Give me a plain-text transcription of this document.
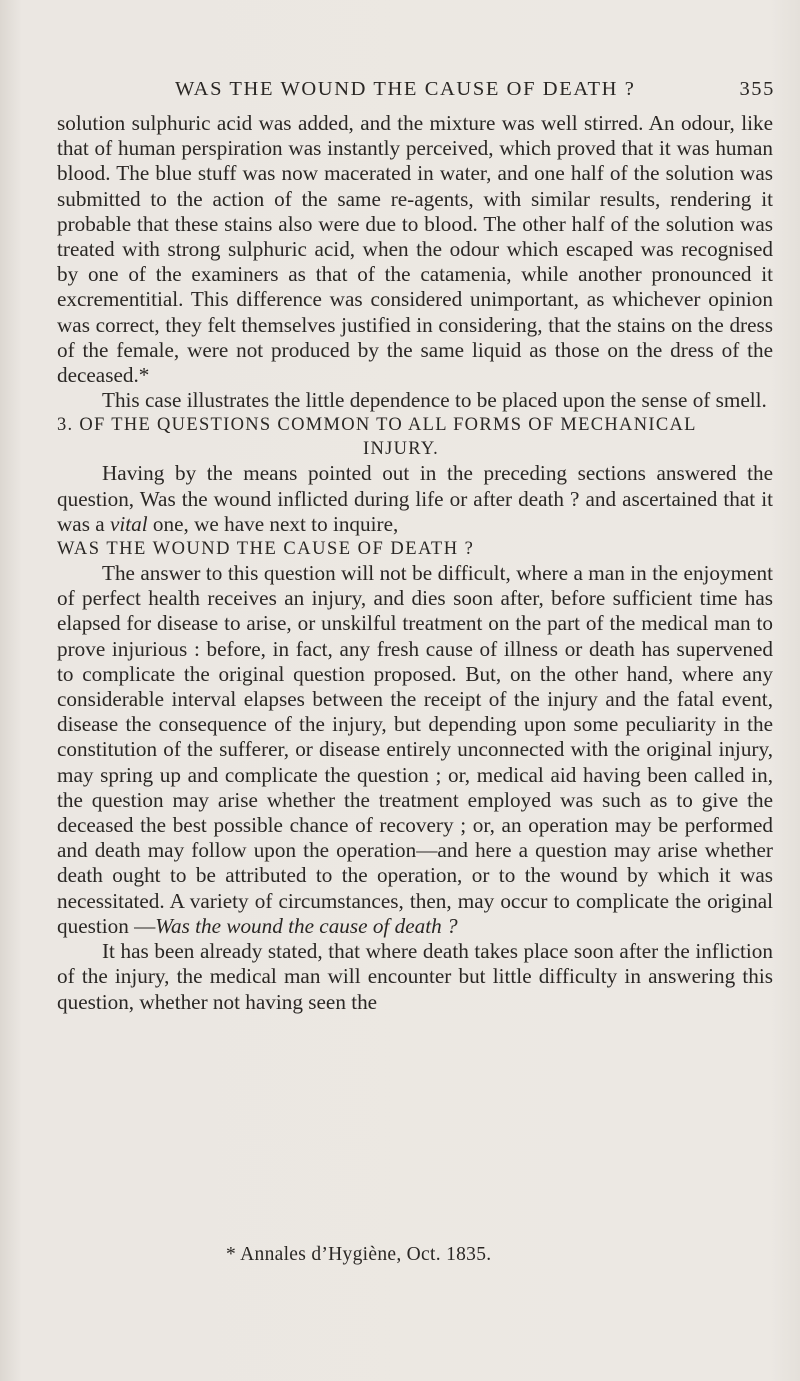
WAS THE WOUND THE CAUSE OF DEATH ?	355

solution sulphuric acid was added, and the mixture was well stirred. An odour, like that of human perspiration was instantly perceived, which proved that it was human blood. The blue stuff was now macerated in water, and one half of the solution was submitted to the action of the same re-agents, with similar results, rendering it probable that these stains also were due to blood. The other half of the solution was treated with strong sulphuric acid, when the odour which escaped was recognised by one of the examiners as that of the catamenia, while another pronounced it excrementitial. This difference was considered unimportant, as whichever opinion was correct, they felt themselves justified in considering, that the stains on the dress of the female, were not produced by the same liquid as those on the dress of the deceased.*

This case illustrates the little dependence to be placed upon the sense of smell.

3. OF THE QUESTIONS COMMON TO ALL FORMS OF MECHANICAL
INJURY.

Having by the means pointed out in the preceding sections answered the question, Was the wound inflicted during life or after death ? and ascertained that it was a vital one, we have next to inquire,

WAS THE WOUND THE CAUSE OF DEATH ?

The answer to this question will not be difficult, where a man in the enjoyment of perfect health receives an injury, and dies soon after, before sufficient time has elapsed for disease to arise, or unskilful treatment on the part of the medical man to prove injurious : before, in fact, any fresh cause of illness or death has supervened to complicate the original question proposed. But, on the other hand, where any considerable interval elapses between the receipt of the injury and the fatal event, disease the consequence of the injury, but depending upon some peculiarity in the constitution of the sufferer, or disease entirely unconnected with the original injury, may spring up and complicate the question ; or, medical aid having been called in, the question may arise whether the treatment employed was such as to give the deceased the best possible chance of recovery ; or, an operation may be performed and death may follow upon the operation—and here a question may arise whether death ought to be attributed to the operation, or to the wound by which it was necessitated. A variety of circumstances, then, may occur to complicate the original question —Was the wound the cause of death ?

It has been already stated, that where death takes place soon after the infliction of the injury, the medical man will encounter but little difficulty in answering this question, whether not having seen the

* Annales d’Hygiène, Oct. 1835.
